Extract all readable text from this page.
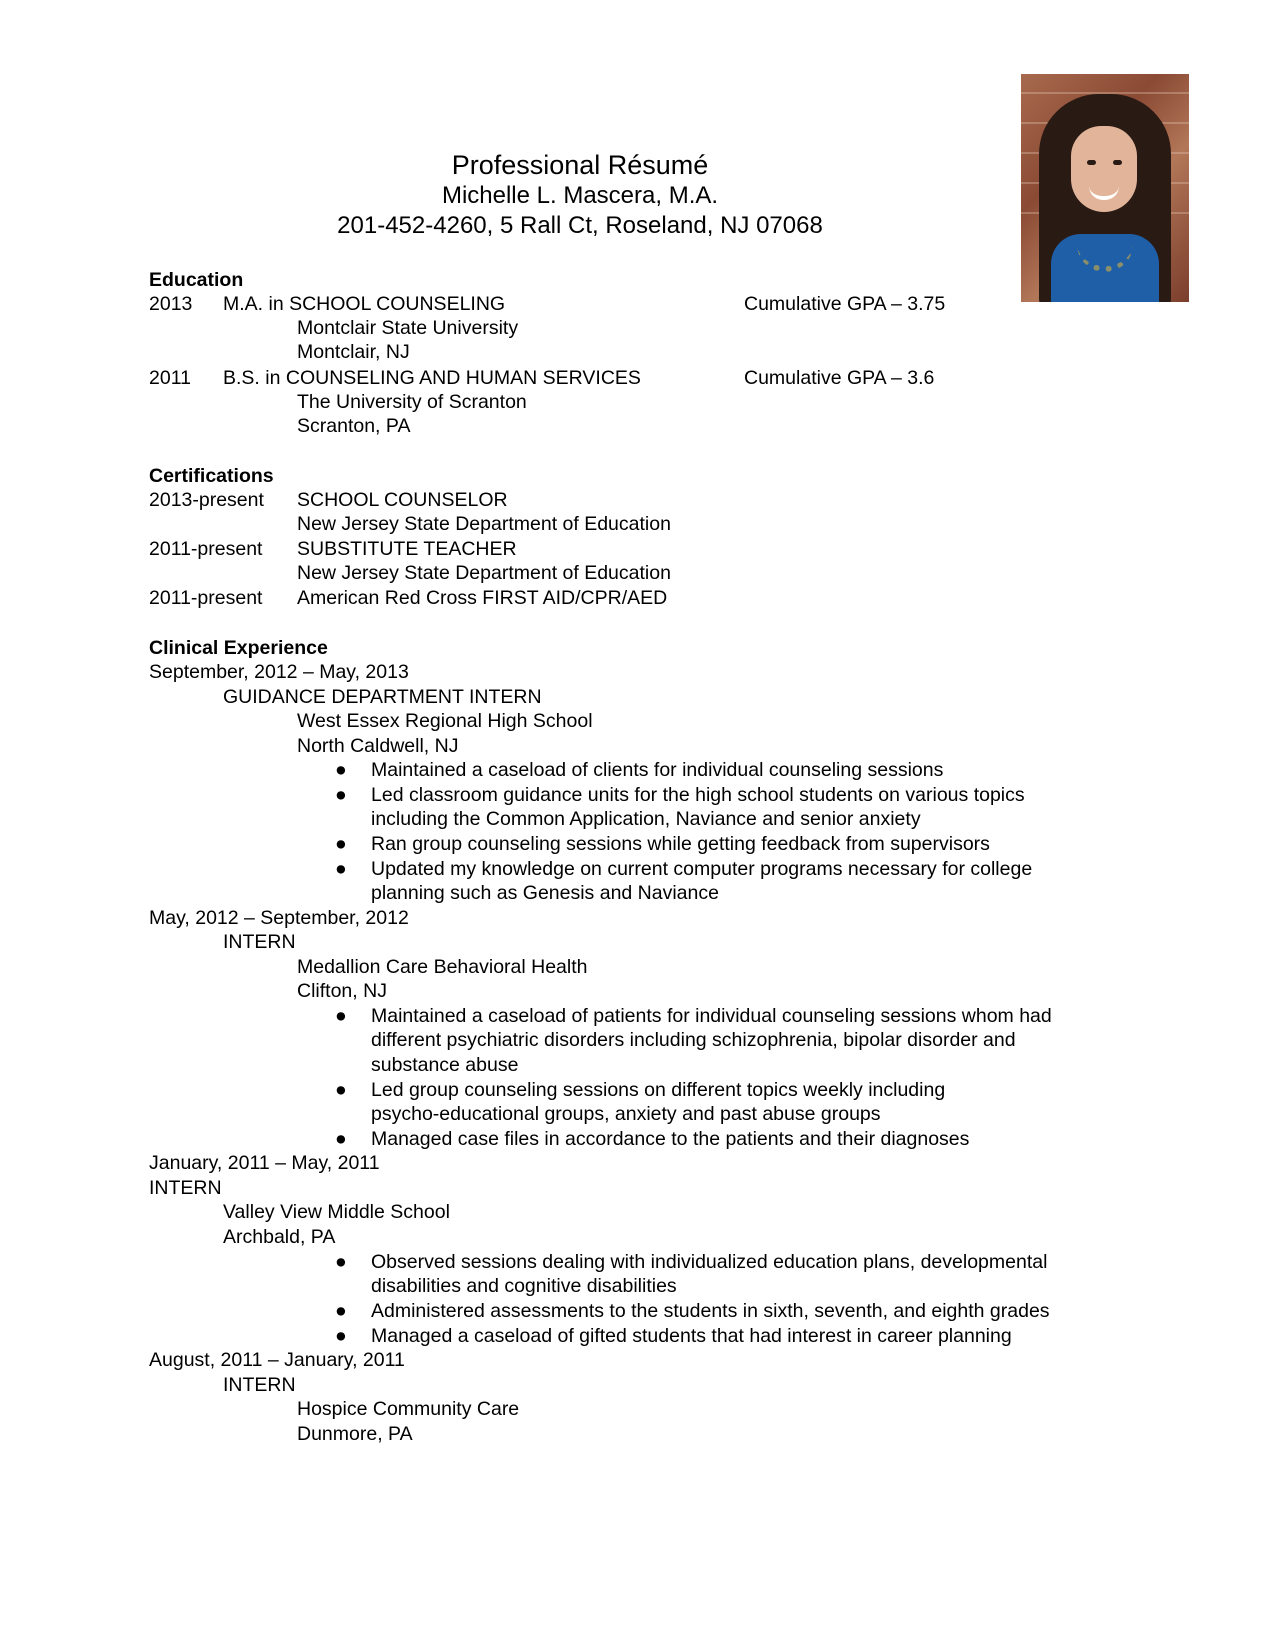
Professional Résumé
Michelle L. Mascera, M.A.
201-452-4260, 5 Rall Ct, Roseland, NJ 07068
Education
2013 M.A. in SCHOOL COUNSELING	Cumulative GPA – 3.75
Montclair State University
Montclair, NJ
2011 B.S. in COUNSELING AND HUMAN SERVICES	Cumulative GPA – 3.6
The University of Scranton
Scranton, PA
Certifications
2013-present SCHOOL COUNSELOR
New Jersey State Department of Education
2011-present SUBSTITUTE TEACHER
New Jersey State Department of Education
2011-present American Red Cross FIRST AID/CPR/AED
Clinical Experience
September, 2012 – May, 2013
GUIDANCE DEPARTMENT INTERN
West Essex Regional High School
North Caldwell, NJ
● Maintained a caseload of clients for individual counseling sessions
● Led classroom guidance units for the high school students on various topics
including the Common Application, Naviance and senior anxiety
● Ran group counseling sessions while getting feedback from supervisors
● Updated my knowledge on current computer programs necessary for college
planning such as Genesis and Naviance
May, 2012 – September, 2012
INTERN
Medallion Care Behavioral Health
Clifton, NJ
● Maintained a caseload of patients for individual counseling sessions whom had
different psychiatric disorders including schizophrenia, bipolar disorder and
substance abuse
● Led group counseling sessions on different topics weekly including
psycho-educational groups, anxiety and past abuse groups
● Managed case files in accordance to the patients and their diagnoses
January, 2011 – May, 2011
INTERN
Valley View Middle School
Archbald, PA
● Observed sessions dealing with individualized education plans, developmental
disabilities and cognitive disabilities
● Administered assessments to the students in sixth, seventh, and eighth grades
● Managed a caseload of gifted students that had interest in career planning
August, 2011 – January, 2011
INTERN
Hospice Community Care
Dunmore, PA
